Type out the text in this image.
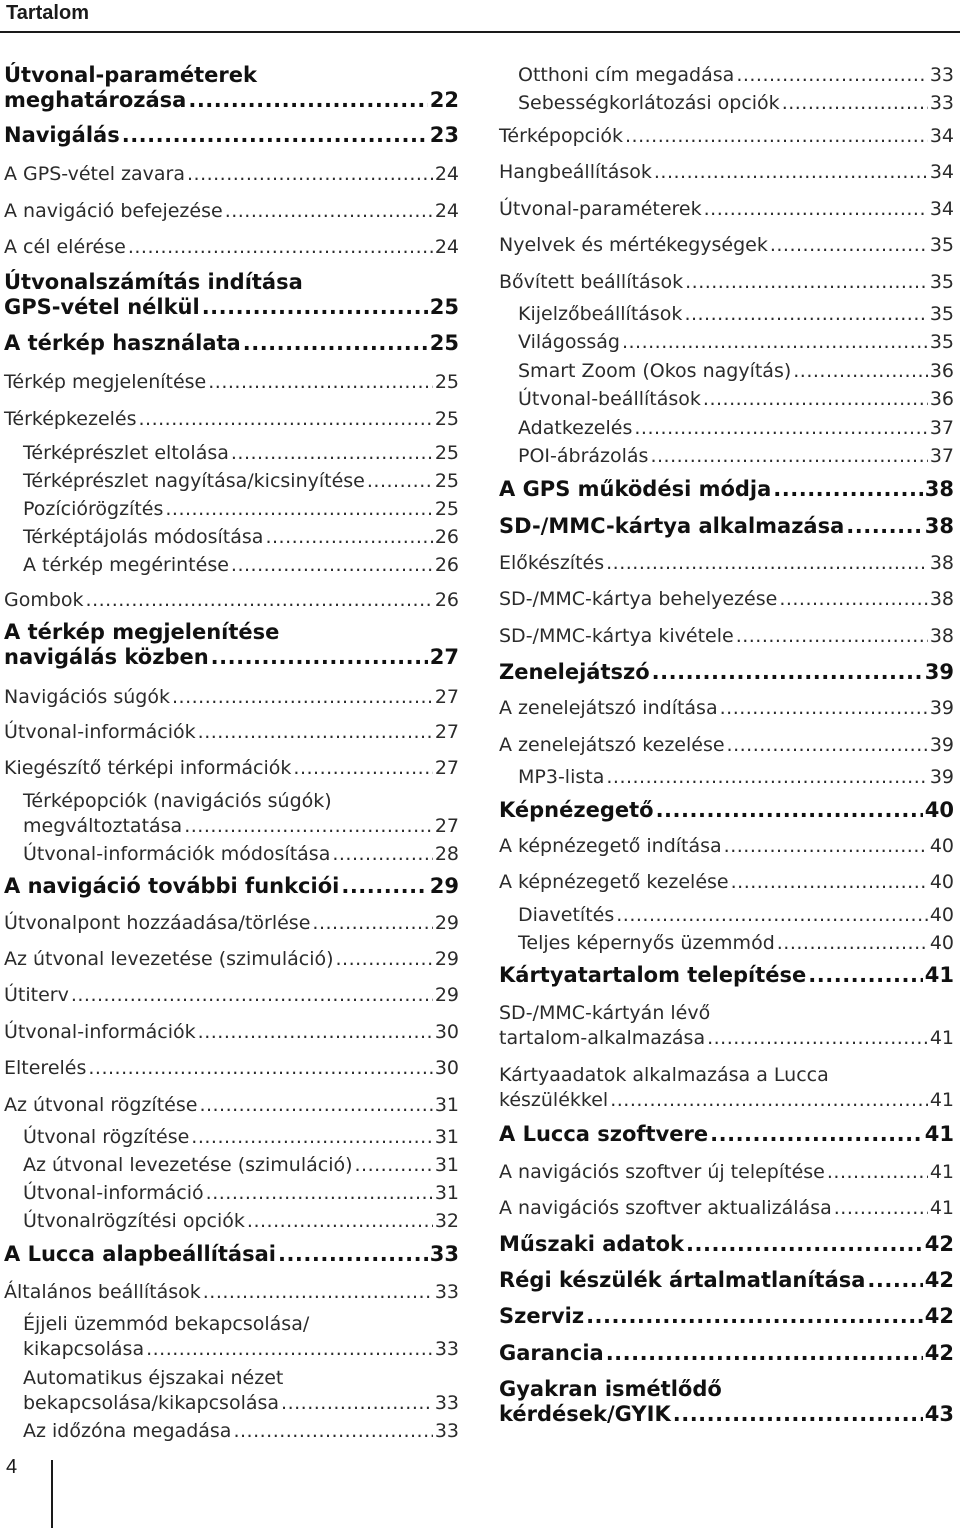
Tartalom
Útvonal-paraméterek
meghatározása .....	22
Navigálás .....	23
A GPS-vétel zavara .....	24
A navigáció befejezése .....	24
A cél elérése .....	24
Útvonalszámítás indítása
GPS-vétel nélkül .....	25
A térkép használata .....	25
Térkép megjelenítése .....	25
Térképkezelés .....	25
Térképrészlet eltolása .....	25
Térképrészlet nagyítása/kicsinyítése .....	25
Pozíciórögzítés .....	25
Térképtájolás módosítása .....	26
A térkép megérintése .....	26
Gombok .....	26
A térkép megjelenítése
navigálás közben .....	27
Navigációs súgók .....	27
Útvonal-információk .....	27
Kiegészítő térképi információk .....	27
Térképopciók (navigációs súgók)
megváltoztatása .....	27
Útvonal-információk módosítása .....	28
A navigáció további funkciói .....	29
Útvonalpont hozzáadása/törlése .....	29
Az útvonal levezetése (szimuláció) .....	29
Útiterv .....	29
Útvonal-információk .....	30
Elterelés .....	30
Az útvonal rögzítése .....	31
Útvonal rögzítése .....	31
Az útvonal levezetése (szimuláció) .....	31
Útvonal-információ .....	31
Útvonalrögzítési opciók .....	32
A Lucca alapbeállításai .....	33
Általános beállítások .....	33
Éjjeli üzemmód bekapcsolása/
kikapcsolása .....	33
Automatikus éjszakai nézet
bekapcsolása/kikapcsolása .....	33
Az időzóna megadása .....	33
Otthoni cím megadása .....	33
Sebességkorlátozási opciók .....	33
Térképopciók .....	34
Hangbeállítások .....	34
Útvonal-paraméterek .....	34
Nyelvek és mértékegységek .....	35
Bővített beállítások .....	35
Kijelzőbeállítások .....	35
Világosság .....	35
Smart Zoom (Okos nagyítás) .....	36
Útvonal-beállítások .....	36
Adatkezelés .....	37
POI-ábrázolás .....	37
A GPS működési módja .....	38
SD-/MMC-kártya alkalmazása .....	38
Előkészítés .....	38
SD-/MMC-kártya behelyezése .....	38
SD-/MMC-kártya kivétele .....	38
Zenelejátszó .....	39
A zenelejátszó indítása .....	39
A zenelejátszó kezelése .....	39
MP3-lista .....	39
Képnézegető .....	40
A képnézegető indítása .....	40
A képnézegető kezelése .....	40
Diavetítés .....	40
Teljes képernyős üzemmód .....	40
Kártyatartalom telepítése .....	41
SD-/MMC-kártyán lévő
tartalom-alkalmazása .....	41
Kártyaadatok alkalmazása a Lucca
készülékkel .....	41
A Lucca szoftvere .....	41
A navigációs szoftver új telepítése .....	41
A navigációs szoftver aktualizálása .....	41
Műszaki adatok .....	42
Régi készülék ártalmatlanítása .....	42
Szerviz .....	42
Garancia .....	42
Gyakran ismétlődő
kérdések/GYIK .....	43
4
